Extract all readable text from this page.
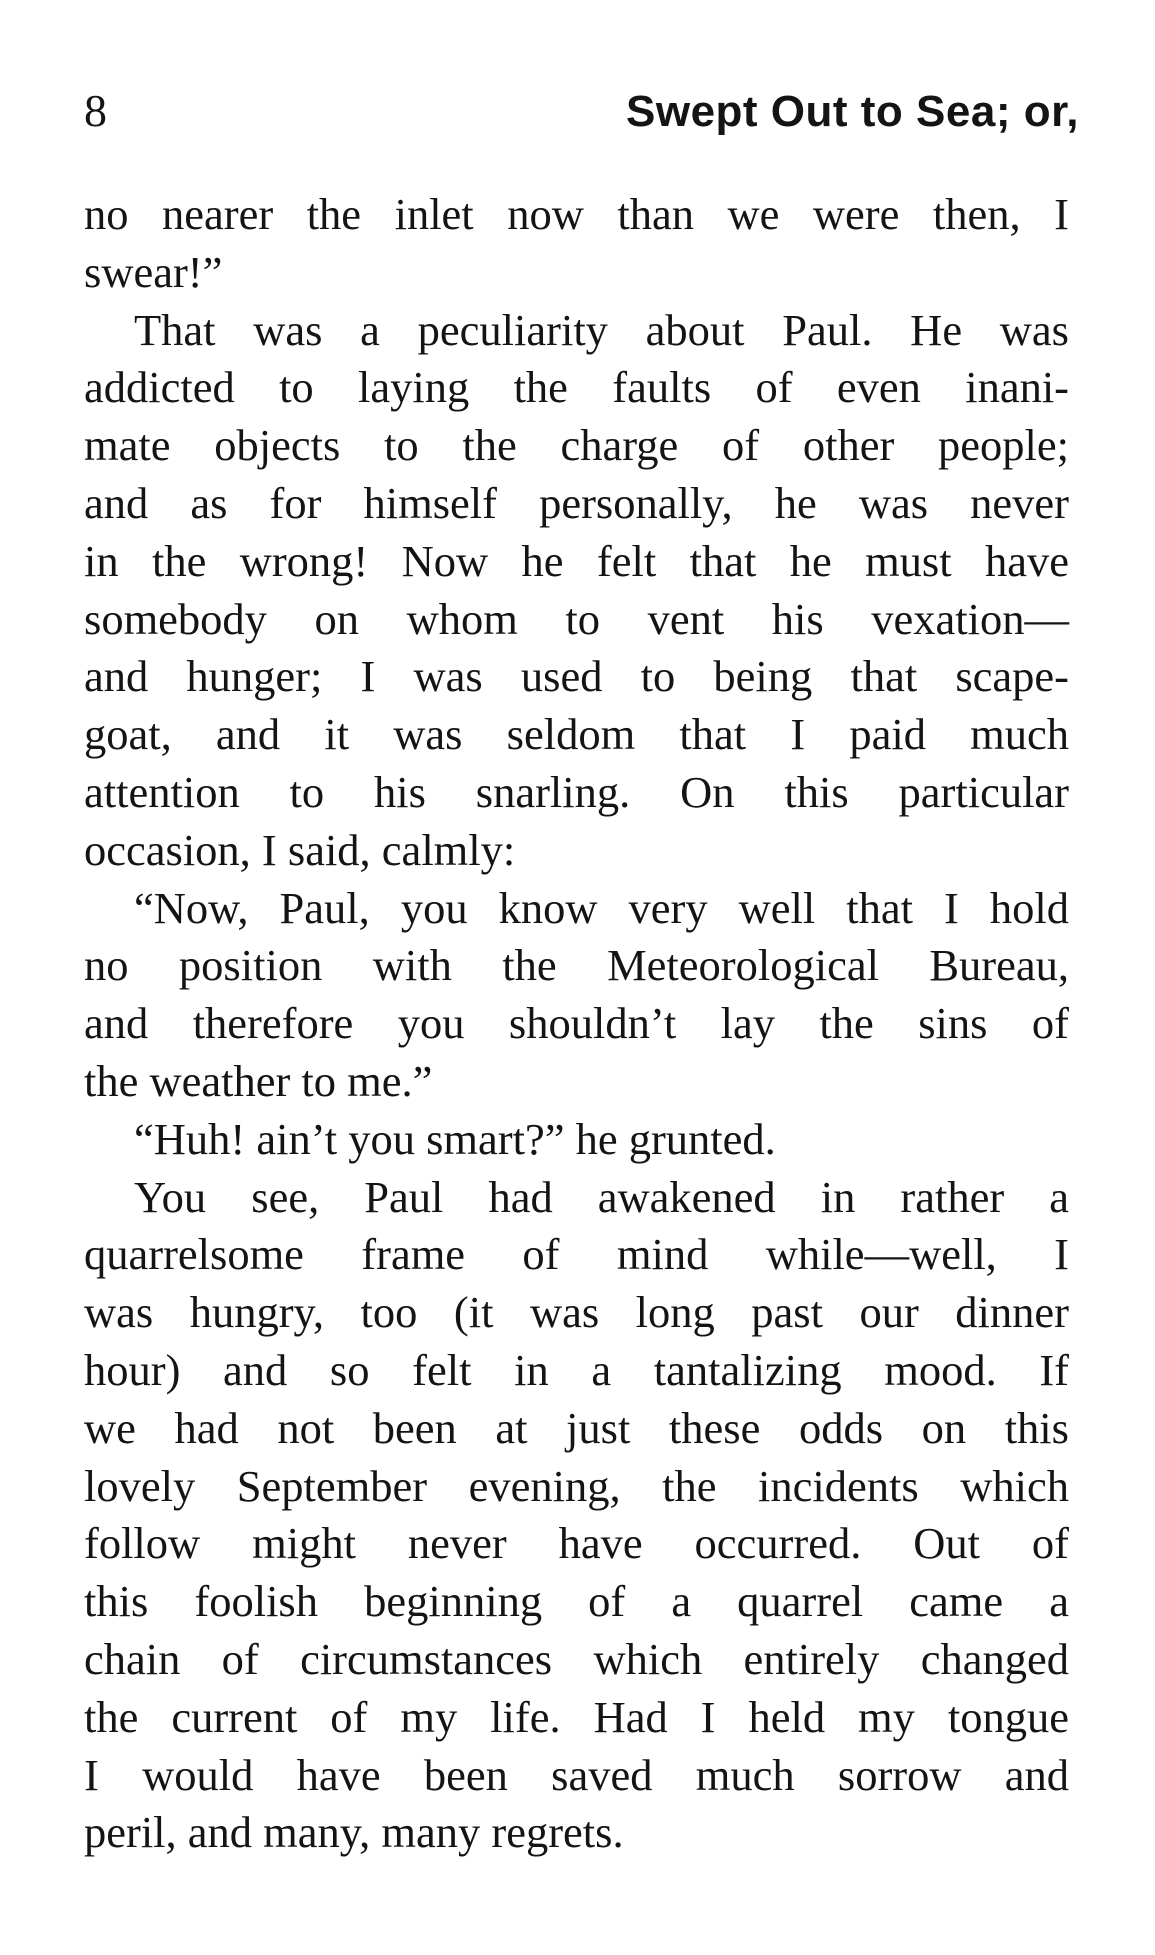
8	Swept Out to Sea; or,
no nearer the inlet now than we were then, I
swear!”
That was a peculiarity about Paul. He was
addicted to laying the faults of even inani-
mate objects to the charge of other people;
and as for himself personally, he was never
in the wrong! Now he felt that he must have
somebody on whom to vent his vexation—
and hunger; I was used to being that scape-
goat, and it was seldom that I paid much
attention to his snarling. On this particular
occasion, I said, calmly:
“Now, Paul, you know very well that I hold
no position with the Meteorological Bureau,
and therefore you shouldn’t lay the sins of
the weather to me.”
“Huh! ain’t you smart?” he grunted.
You see, Paul had awakened in rather a
quarrelsome frame of mind while—well, I
was hungry, too (it was long past our dinner
hour) and so felt in a tantalizing mood. If
we had not been at just these odds on this
lovely September evening, the incidents which
follow might never have occurred. Out of
this foolish beginning of a quarrel came a
chain of circumstances which entirely changed
the current of my life. Had I held my tongue
I would have been saved much sorrow and
peril, and many, many regrets.
